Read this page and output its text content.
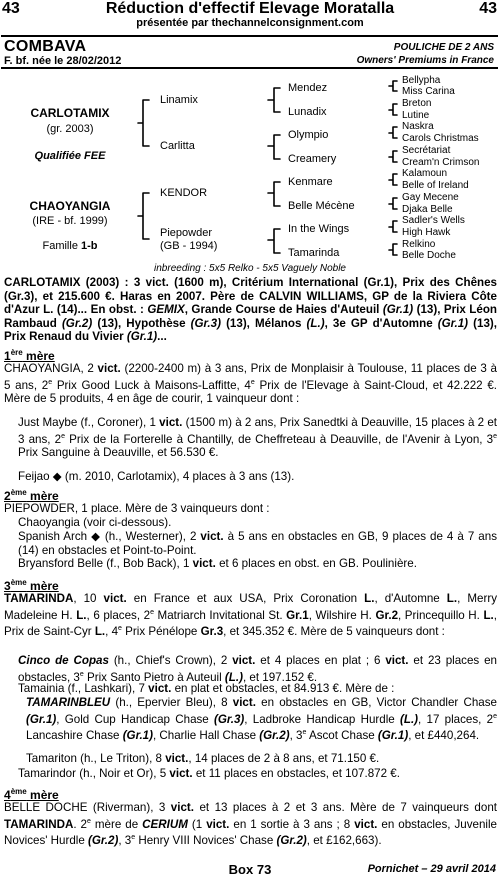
43	Réduction d'effectif Elevage Moratalla	43
présentée par thechannelconsignment.com
COMBAVA	POULICHE DE 2 ANS
F. bf. née le 28/02/2012	Owners' Premiums in France
CARLOTAMIX
(gr. 2003)
Qualifiée FEE
CHAOYANGIA
(IRE - bf. 1999)
Famille 1-b
Linamix
Carlitta
KENDOR
Piepowder
(GB - 1994)
Mendez
Lunadix
Olympio
Creamery
Kenmare
Belle Mécène
In the Wings
Tamarinda
Bellypha
Miss Carina
Breton
Lutine
Naskra
Carols Christmas
Secrétariat
Cream'n Crimson
Kalamoun
Belle of Ireland
Gay Mecene
Djaka Belle
Sadler's Wells
High Hawk
Relkino
Belle Doche
inbreeding : 5x5 Relko - 5x5 Vaguely Noble
CARLOTAMIX (2003) : 3 vict. (1600 m), Critérium International (Gr.1), Prix des Chênes (Gr.3), et 215.600 €. Haras en 2007. Père de CALVIN WILLIAMS, GP de la Riviera Côte d'Azur L. (14)... En obst. : GEMIX, Grande Course de Haies d'Auteuil (Gr.1) (13), Prix Léon Rambaud (Gr.2) (13), Hypothèse (Gr.3) (13), Mélanos (L.), 3e GP d'Automne (Gr.1) (13), Prix Renaud du Vivier (Gr.1)...
1ère mère
CHAOYANGIA, 2 vict. (2200-2400 m) à 3 ans, Prix de Monplaisir à Toulouse, 11 places de 3 à 5 ans, 2e Prix Good Luck à Maisons-Laffitte, 4e Prix de l'Elevage à Saint-Cloud, et 42.222 €. Mère de 5 produits, 4 en âge de courir, 1 vainqueur dont :
Just Maybe (f., Coroner), 1 vict. (1500 m) à 2 ans, Prix Sanedtki à Deauville, 15 places à 2 et 3 ans, 2e Prix de la Forterelle à Chantilly, de Cheffreteau à Deauville, de l'Avenir à Lyon, 3e Prix Sanguine à Deauville, et 56.530 €.
Feijao ◆ (m. 2010, Carlotamix), 4 places à 3 ans (13).
2ème mère
PIEPOWDER, 1 place. Mère de 3 vainqueurs dont :
Chaoyangia (voir ci-dessous).
Spanish Arch ◆ (h., Westerner), 2 vict. à 5 ans en obstacles en GB, 9 places de 4 à 7 ans (14) en obstacles et Point-to-Point.
Bryansford Belle (f., Bob Back), 1 vict. et 6 places en obst. en GB. Poulinière.
3ème mère
TAMARINDA, 10 vict. en France et aux USA, Prix Coronation L., d'Automne L., Merry Madeleine H. L., 6 places, 2e Matriarch Invitational St. Gr.1, Wilshire H. Gr.2, Princequillo H. L., Prix de Saint-Cyr L., 4e Prix Pénélope Gr.3, et 345.352 €. Mère de 5 vainqueurs dont :
Cinco de Copas (h., Chief's Crown), 2 vict. et 4 places en plat ; 6 vict. et 23 places en obstacles, 3e Prix Santo Pietro à Auteuil (L.), et 197.152 €.
Tamainia (f., Lashkari), 7 vict. en plat et obstacles, et 84.913 €. Mère de :
TAMARINBLEU (h., Epervier Bleu), 8 vict. en obstacles en GB, Victor Chandler Chase (Gr.1), Gold Cup Handicap Chase (Gr.3), Ladbroke Handicap Hurdle (L.), 17 places, 2e Lancashire Chase (Gr.1), Charlie Hall Chase (Gr.2), 3e Ascot Chase (Gr.1), et £440,264.
Tamariton (h., Le Triton), 8 vict., 14 places de 2 à 8 ans, et 71.150 €.
Tamarindor (h., Noir et Or), 5 vict. et 11 places en obstacles, et 107.872 €.
4ème mère
BELLE DOCHE (Riverman), 3 vict. et 13 places à 2 et 3 ans. Mère de 7 vainqueurs dont TAMARINDA. 2e mère de CERIUM (1 vict. en 1 sortie à 3 ans ; 8 vict. en obstacles, Juvenile Novices' Hurdle (Gr.2), 3e Henry VIII Novices' Chase (Gr.2), et £162,663).
Box 73	Pornichet – 29 avril 2014
